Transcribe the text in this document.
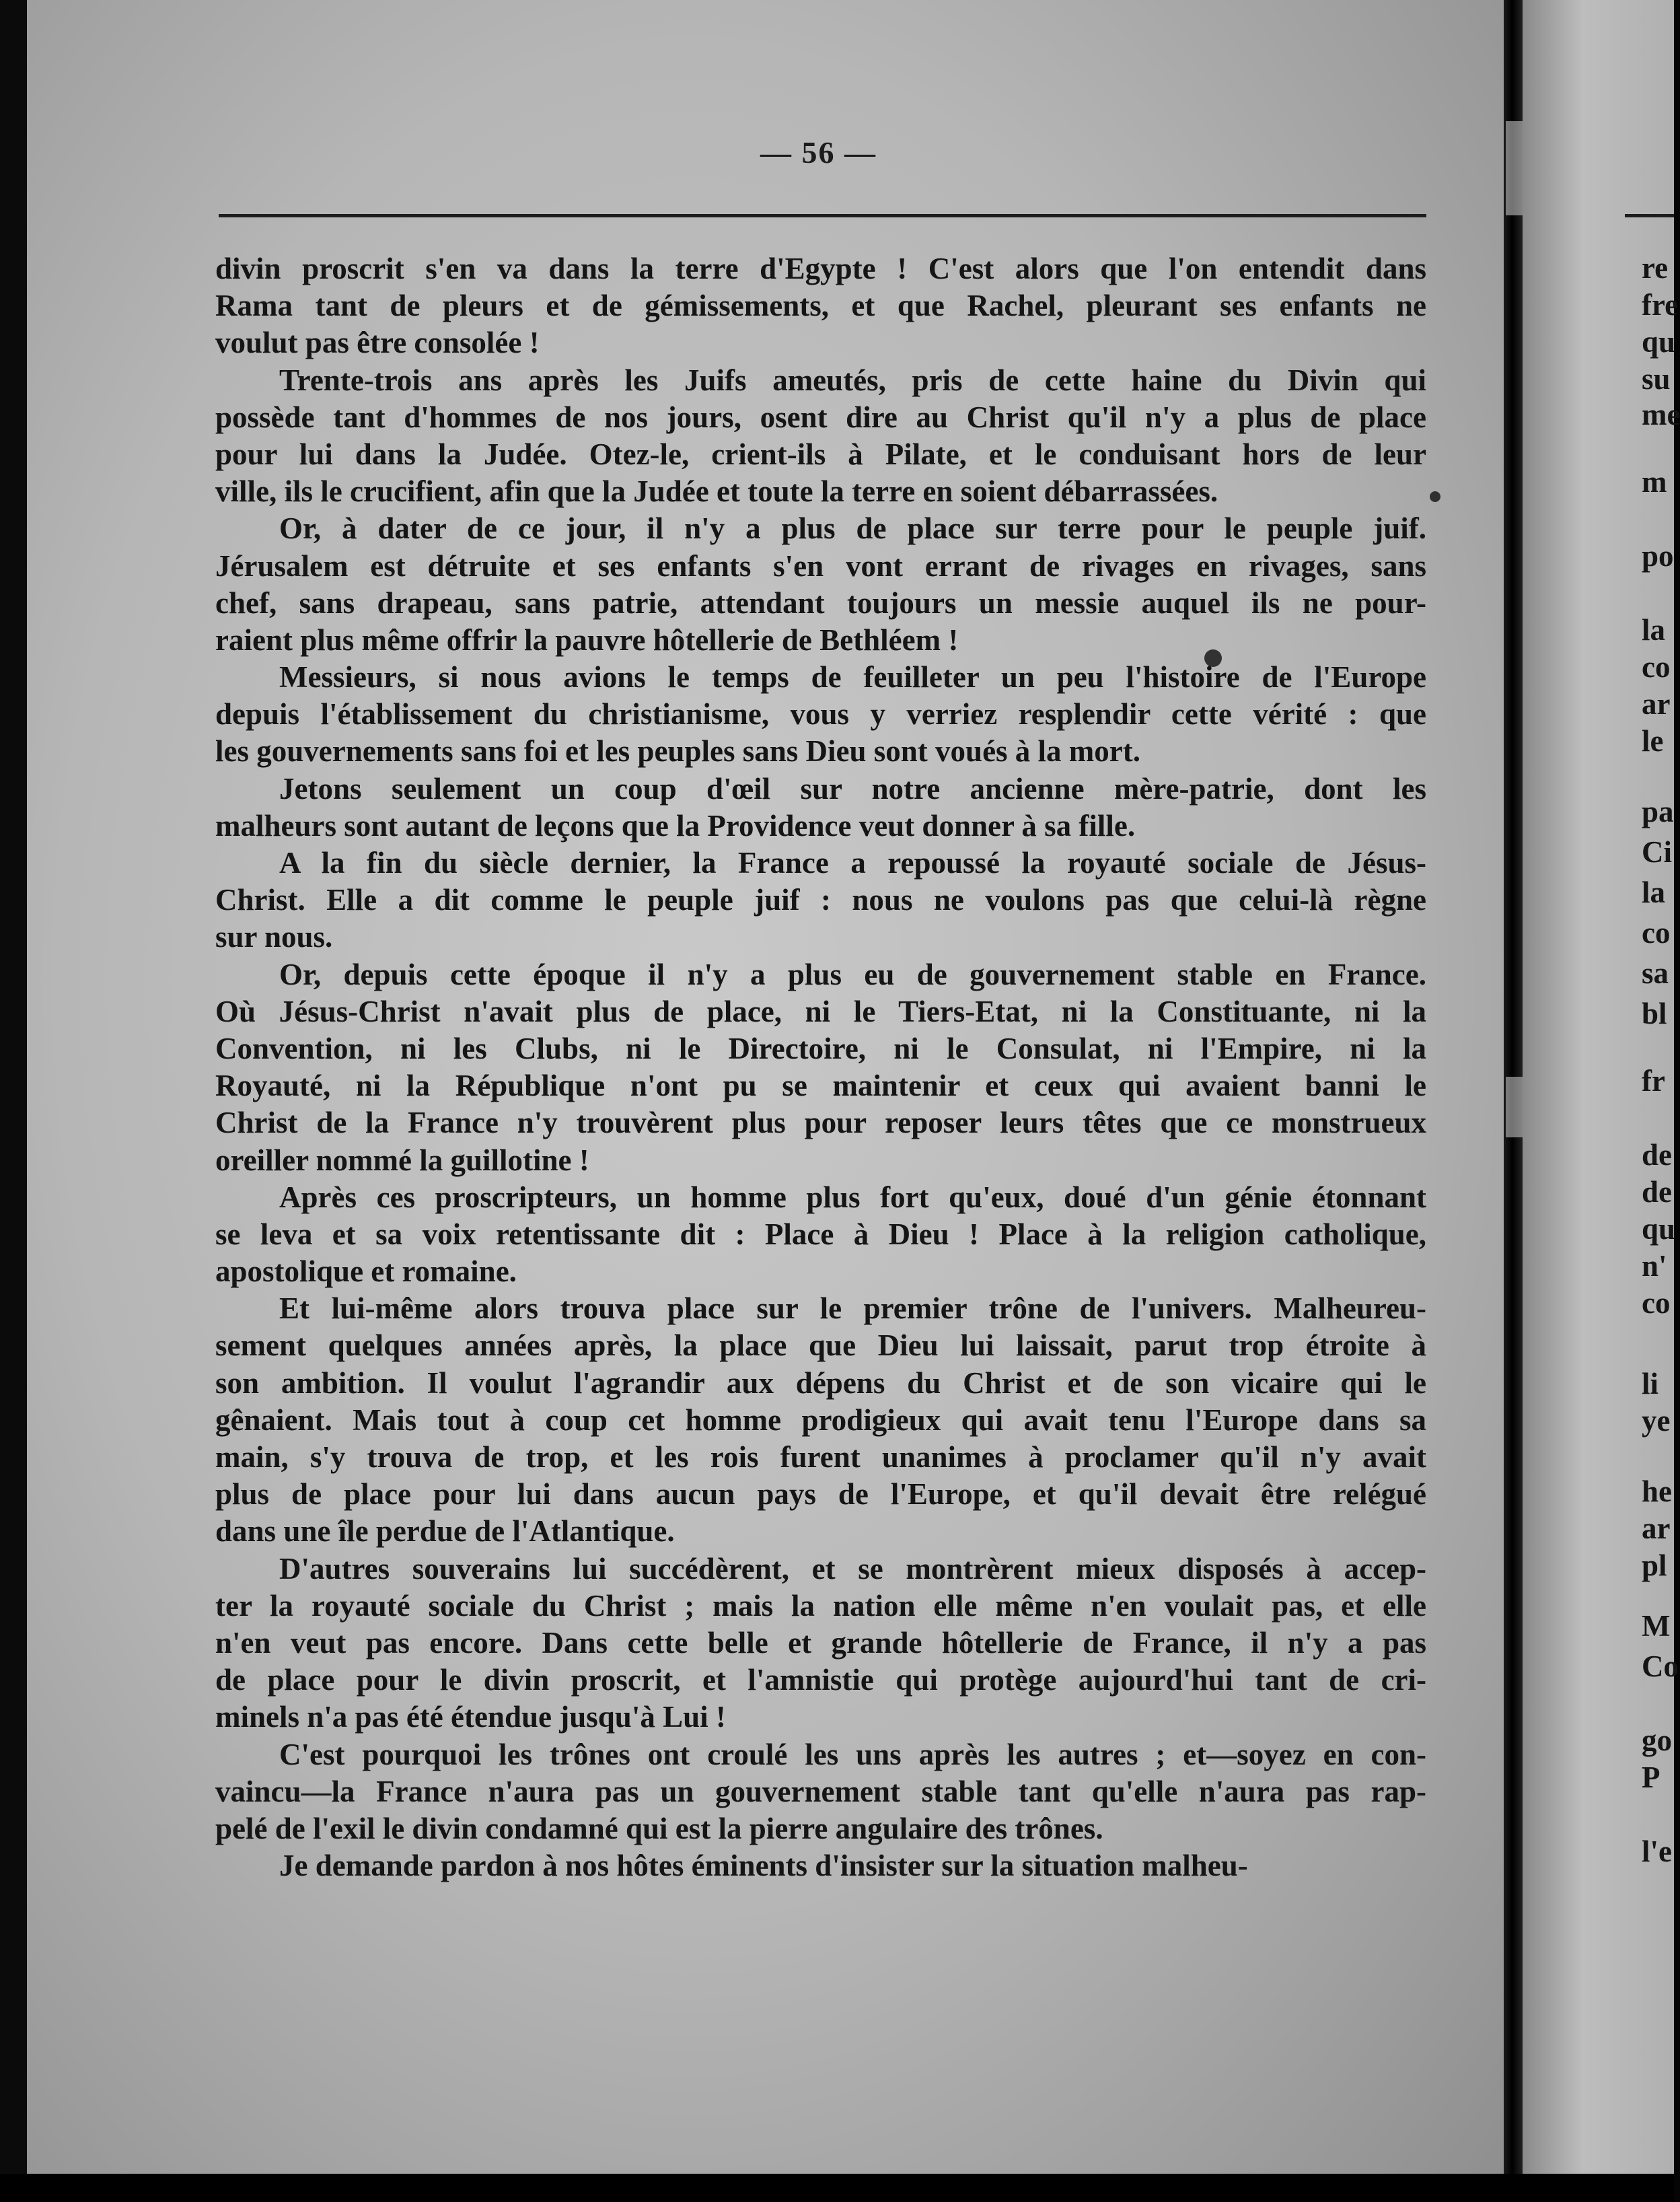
— 56 —
divin proscrit s'en va dans la terre d'Egypte ! C'est alors que l'on entendit dans
Rama tant de pleurs et de gémissements, et que Rachel, pleurant ses enfants ne
voulut pas être consolée !
Trente-trois ans après les Juifs ameutés, pris de cette haine du Divin qui
possède tant d'hommes de nos jours, osent dire au Christ qu'il n'y a plus de place
pour lui dans la Judée. Otez-le, crient-ils à Pilate, et le conduisant hors de leur
ville, ils le crucifient, afin que la Judée et toute la terre en soient débarrassées.
Or, à dater de ce jour, il n'y a plus de place sur terre pour le peuple juif.
Jérusalem est détruite et ses enfants s'en vont errant de rivages en rivages, sans
chef, sans drapeau, sans patrie, attendant toujours un messie auquel ils ne pour-
raient plus même offrir la pauvre hôtellerie de Bethléem !
Messieurs, si nous avions le temps de feuilleter un peu l'histoire de l'Europe
depuis l'établissement du christianisme, vous y verriez resplendir cette vérité : que
les gouvernements sans foi et les peuples sans Dieu sont voués à la mort.
Jetons seulement un coup d'œil sur notre ancienne mère-patrie, dont les
malheurs sont autant de leçons que la Providence veut donner à sa fille.
A la fin du siècle dernier, la France a repoussé la royauté sociale de Jésus-
Christ. Elle a dit comme le peuple juif : nous ne voulons pas que celui-là règne
sur nous.
Or, depuis cette époque il n'y a plus eu de gouvernement stable en France.
Où Jésus-Christ n'avait plus de place, ni le Tiers-Etat, ni la Constituante, ni la
Convention, ni les Clubs, ni le Directoire, ni le Consulat, ni l'Empire, ni la
Royauté, ni la République n'ont pu se maintenir et ceux qui avaient banni le
Christ de la France n'y trouvèrent plus pour reposer leurs têtes que ce monstrueux
oreiller nommé la guillotine !
Après ces proscripteurs, un homme plus fort qu'eux, doué d'un génie étonnant
se leva et sa voix retentissante dit : Place à Dieu ! Place à la religion catholique,
apostolique et romaine.
Et lui-même alors trouva place sur le premier trône de l'univers. Malheureu-
sement quelques années après, la place que Dieu lui laissait, parut trop étroite à
son ambition. Il voulut l'agrandir aux dépens du Christ et de son vicaire qui le
gênaient. Mais tout à coup cet homme prodigieux qui avait tenu l'Europe dans sa
main, s'y trouva de trop, et les rois furent unanimes à proclamer qu'il n'y avait
plus de place pour lui dans aucun pays de l'Europe, et qu'il devait être relégué
dans une île perdue de l'Atlantique.
D'autres souverains lui succédèrent, et se montrèrent mieux disposés à accep-
ter la royauté sociale du Christ ; mais la nation elle même n'en voulait pas, et elle
n'en veut pas encore. Dans cette belle et grande hôtellerie de France, il n'y a pas
de place pour le divin proscrit, et l'amnistie qui protège aujourd'hui tant de cri-
minels n'a pas été étendue jusqu'à Lui !
C'est pourquoi les trônes ont croulé les uns après les autres ; et—soyez en con-
vaincu—la France n'aura pas un gouvernement stable tant qu'elle n'aura pas rap-
pelé de l'exil le divin condamné qui est la pierre angulaire des trônes.
Je demande pardon à nos hôtes éminents d'insister sur la situation malheu-
re
fre
qu
su
me
m
po
la
co
ar
le
pa
Ci
la
co
sa
bl
fr
de
de
qu
n'
co
li
ye
he
ar
pl
M
Co
go
P
l'e
